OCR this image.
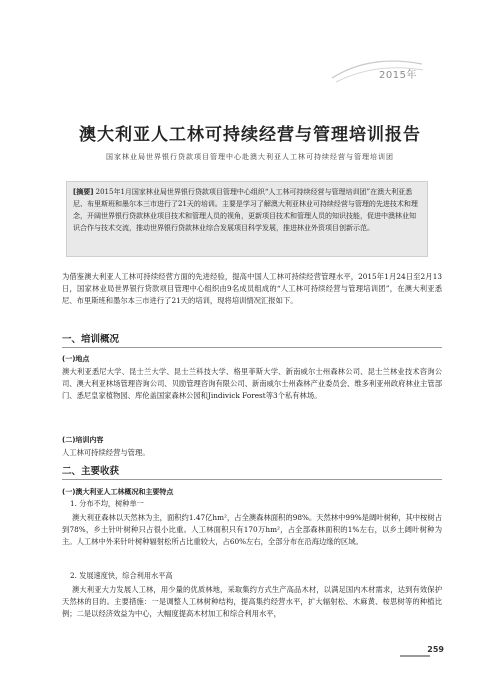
2015年
澳大利亚人工林可持续经营与管理培训报告
国家林业局世界银行贷款项目管理中心赴澳大利亚人工林可持续经营与管理培训团
[摘要] 2015年1月国家林业局世界银行贷款项目管理中心组织“人工林可持续经营与管理培训团”在澳大利亚悉尼、布里斯班和墨尔本三市进行了21天的培训。主要是学习了解澳大利亚林业可持续经营与管理的先进技术和理念，开阔世界银行贷款林业项目技术和管理人员的视角，更新项目技术和管理人员的知识技能，促进中澳林业知识合作与技术交流，推动世界银行贷款林业综合发展项目科学发展，推进林业外资项目创新示范。
为借鉴澳大利亚人工林可持续经营方面的先进经验，提高中国人工林可持续经营管理水平，2015年1月24日至2月13日，国家林业局世界银行贷款项目管理中心组织由9名成员组成的“人工林可持续经营与管理培训团”，在澳大利亚悉尼、布里斯班和墨尔本三市进行了21天的培训，现将培训情况汇报如下。
一、培训概况
(一)地点
澳大利亚悉尼大学、昆士兰大学、昆士兰科技大学、格里菲斯大学、新南威尔士州森林公司、昆士兰林业技术咨询公司、澳大利亚林场管理咨询公司、贝励管理咨询有限公司、新南威尔士州森林产业委员会、维多利亚州政府林业主管部门、悉尼皇家植物园、库伦盖国家森林公园和Jindivick Forest等3个私有林场。
(二)培训内容
人工林可持续经营与管理。
二、主要收获
(一)澳大利亚人工林概况和主要特点
1. 分布不均，树种单一
澳大利亚森林以天然林为主，面积约1.47亿hm²，占全澳森林面积的98%。天然林中99%是阔叶树种，其中桉树占到78%，乡土针叶树种只占很小比重。人工林面积只有170万hm²，占全部森林面积的1%左右，以乡土阔叶树种为主。人工林中外来针叶树种辐射松所占比重较大，占60%左右，全部分布在沿海边缘的区域。
2. 发展速度快，综合利用水平高
澳大利亚大力发展人工林，用少量的优质林地，采取集约方式生产高品木材，以满足国内木材需求，达到有效保护天然林的目的。主要措施：一是调整人工林树种结构，提高集约经营水平，扩大辐射松、木麻黄、桉思树等的种植比例；二是以经济效益为中心，大幅度提高木材加工和综合利用水平，
259
